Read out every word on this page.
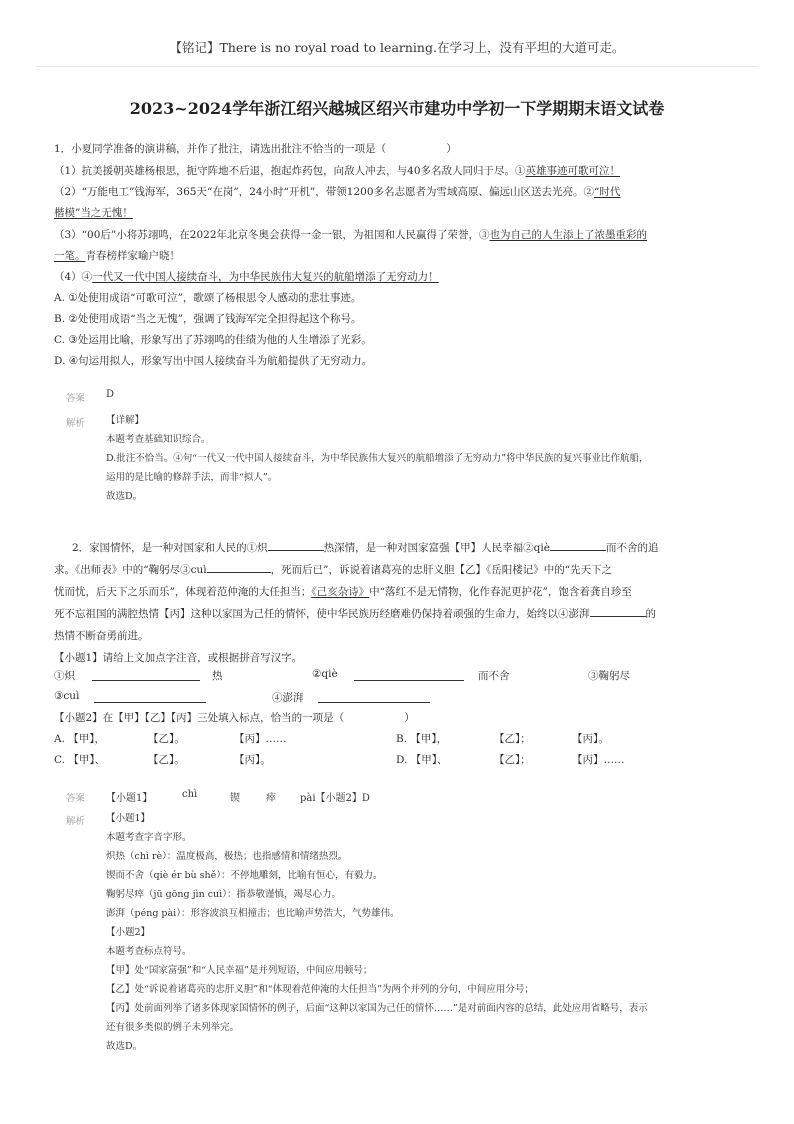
【铭记】There is no royal road to learning.在学习上，没有平坦的大道可走。
2023~2024学年浙江绍兴越城区绍兴市建功中学初一下学期期末语文试卷
1．小夏同学准备的演讲稿，并作了批注，请选出批注不恰当的一项是（	）
（1）抗美援朝英雄杨根思，扼守阵地不后退，抱起炸药包，向敌人冲去，与40多名敌人同归于尽。①英雄事迹可歌可泣！
（2）“万能电工”钱海军，365天“在岗”，24小时“开机”，带领1200多名志愿者为雪域高原、偏远山区送去光亮。②“时代
楷模”当之无愧！
（3）“00后”小将苏翊鸣，在2022年北京冬奥会获得一金一银，为祖国和人民赢得了荣誉，③也为自己的人生添上了浓墨重彩的
一笔。青春榜样家喻户晓！
（4）④一代又一代中国人接续奋斗，为中华民族伟大复兴的航船增添了无穷动力！
A. ①处使用成语“可歌可泣”，歌颂了杨根思令人感动的悲壮事迹。
B. ②处使用成语“当之无愧”，强调了钱海军完全担得起这个称号。
C. ③处运用比喻，形象写出了苏翊鸣的佳绩为他的人生增添了光彩。
D. ④句运用拟人，形象写出中国人接续奋斗为航船提供了无穷动力。
答案 D
解析 【详解】
本题考查基础知识综合。
D.批注不恰当。④句“一代又一代中国人接续奋斗，为中华民族伟大复兴的航船增添了无穷动力”将中华民族的复兴事业比作航船，
运用的是比喻的修辞手法，而非“拟人”。
故选D。
2．家国情怀，是一种对国家和人民的①炽	热深情，是一种对国家富强【甲】人民幸福②qiè	而不舍的追
求。《出师表》中的“鞠躬尽③cuì	，死而后已”，诉说着诸葛亮的忠肝义胆【乙】《岳阳楼记》中的“先天下之
忧而忧，后天下之乐而乐”，体现着范仲淹的大任担当；《己亥杂诗》中“落红不是无情物，化作春泥更护花”，饱含着龚自珍至
死不忘祖国的满腔热情【丙】这种以家国为己任的情怀，使中华民族历经磨难仍保持着顽强的生命力，始终以④澎湃	的
热情不断奋勇前进。
【小题1】请给上文加点字注音，或根据拼音写汉字。
①炽	热	②qiè	而不舍	③鞠躬尽
③cuì	④澎湃
【小题2】在【甲】【乙】【丙】三处填入标点，恰当的一项是（	）
A. 【甲】，	【乙】。	【丙】……	B. 【甲】，	【乙】；	【丙】。
C. 【甲】、	【乙】。	【丙】。	D. 【甲】、	【乙】；	【丙】……
答案 【小题1】	chì	锲	瘁 pài【小题2】D
解析 【小题1】
本题考查字音字形。
炽热（chì rè）：温度极高，极热；也指感情和情绪热烈。
锲而不舍（qiè ér bù shě）：不停地雕刻，比喻有恒心，有毅力。
鞠躬尽瘁（jū gōng jìn cuì）：指恭敬谨慎，竭尽心力。
澎湃（péng pài）：形容波浪互相撞击；也比喻声势浩大，气势雄伟。
【小题2】
本题考查标点符号。
【甲】处“国家富强”和“人民幸福”是并列短语，中间应用顿号；
【乙】处“诉说着诸葛亮的忠肝义胆”和“体现着范仲淹的大任担当”为两个并列的分句，中间应用分号；
【丙】处前面列举了诸多体现家国情怀的例子，后面“这种以家国为己任的情怀……”是对前面内容的总结，此处应用省略号，表示
还有很多类似的例子未列举完。
故选D。
